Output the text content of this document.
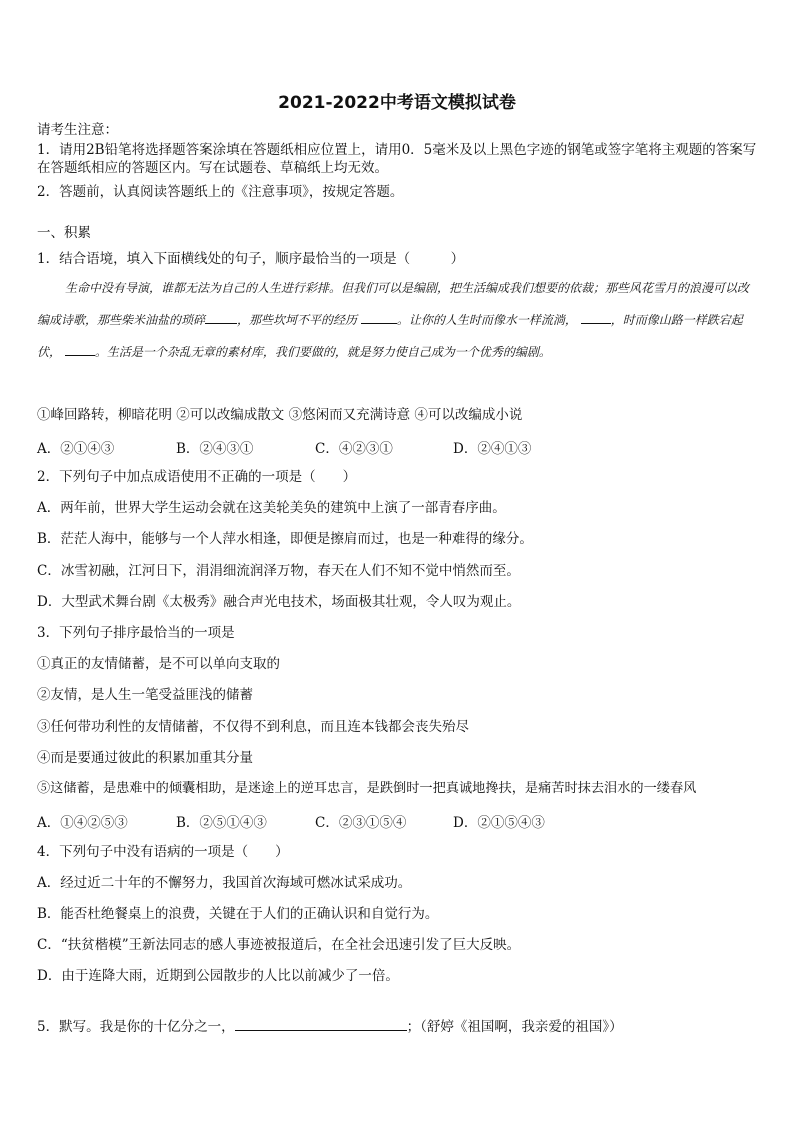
2021-2022中考语文模拟试卷
请考生注意：
1．请用2B铅笔将选择题答案涂填在答题纸相应位置上，请用0．5毫米及以上黑色字迹的钢笔或签字笔将主观题的答案写在答题纸相应的答题区内。写在试题卷、草稿纸上均无效。
2．答题前，认真阅读答题纸上的《注意事项》，按规定答题。
一、积累
1．结合语境，填入下面横线处的句子，顺序最恰当的一项是（　　　）
生命中没有导演，谁都无法为自己的人生进行彩排。但我们可以是编剧，把生活编成我们想要的依裁；那些风花雪月的浪漫可以改编成诗歌，那些柴米油盐的琐碎	，那些坎坷不平的经历	。让你的人生时而像水一样流淌，	，时而像山路一样跌宕起伏，	。生活是一个杂乱无章的素材库，我们要做的，就是努力使自己成为一个优秀的编剧。
①峰回路转，柳暗花明 ②可以改编成散文 ③悠闲而又充满诗意 ④可以改编成小说
A．②①④③	B．②④③①	C．④②③①	D．②④①③
2．下列句子中加点成语使用不正确的一项是（　　）
A．两年前，世界大学生运动会就在这美轮美奂的建筑中上演了一部青春序曲。
B．茫茫人海中，能够与一个人萍水相逢，即便是擦肩而过，也是一种难得的缘分。
C．冰雪初融，江河日下，涓涓细流润泽万物，春天在人们不知不觉中悄然而至。
D．大型武术舞台剧《太极秀》融合声光电技术，场面极其壮观，令人叹为观止。
3．下列句子排序最恰当的一项是
①真正的友情储蓄，是不可以单向支取的
②友情，是人生一笔受益匪浅的储蓄
③任何带功利性的友情储蓄，不仅得不到利息，而且连本钱都会丧失殆尽
④而是要通过彼此的积累加重其分量
⑤这储蓄，是患难中的倾囊相助，是迷途上的逆耳忠言，是跌倒时一把真诚地搀扶，是痛苦时抹去泪水的一缕春风
A．①④②⑤③	B．②⑤①④③	C．②③①⑤④	D．②①⑤④③
4．下列句子中没有语病的一项是（　　）
A．经过近二十年的不懈努力，我国首次海域可燃冰试采成功。
B．能否杜绝餐桌上的浪费，关键在于人们的正确认识和自觉行为。
C．“扶贫楷模”王新法同志的感人事迹被报道后，在全社会迅速引发了巨大反映。
D．由于连降大雨，近期到公园散步的人比以前减少了一倍。
5．默写。我是你的十亿分之一，	；（舒婷《祖国啊，我亲爱的祖国》）
